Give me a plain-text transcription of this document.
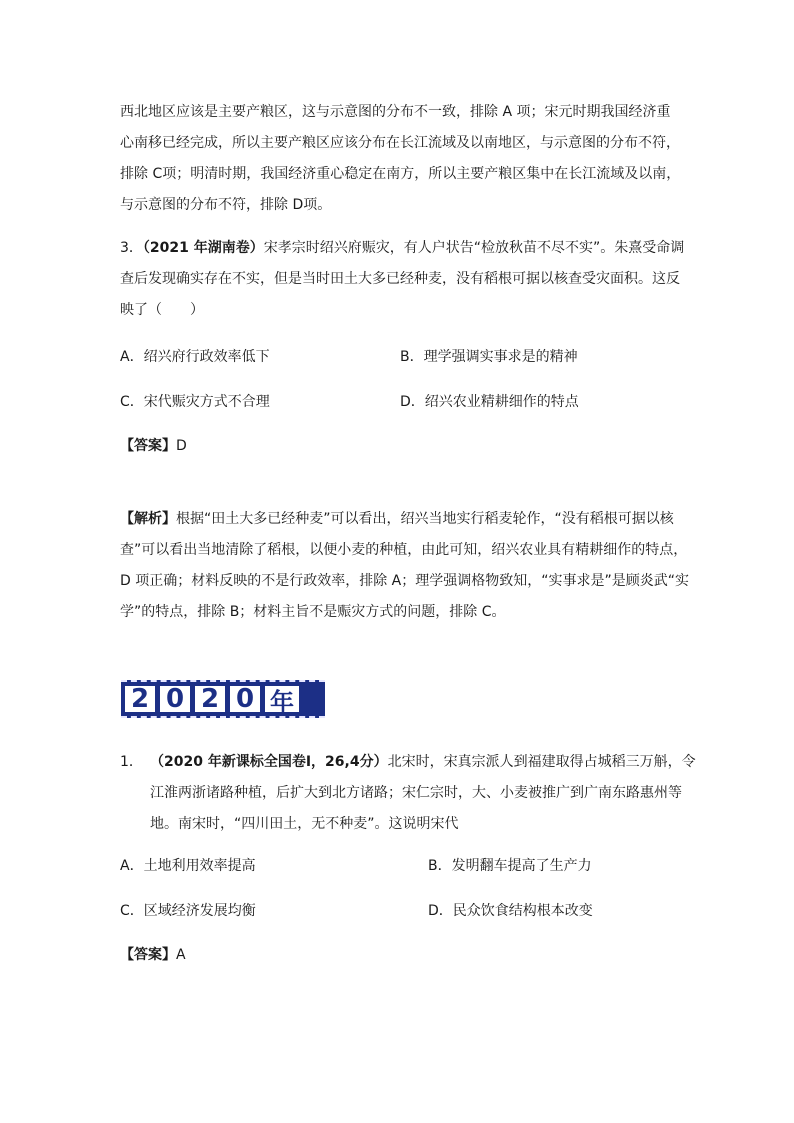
西北地区应该是主要产粮区，这与示意图的分布不一致，排除 A 项；宋元时期我国经济重
心南移已经完成，所以主要产粮区应该分布在长江流域及以南地区，与示意图的分布不符，
排除 C项；明清时期，我国经济重心稳定在南方，所以主要产粮区集中在长江流域及以南，
与示意图的分布不符，排除 D项。
3．（2021 年湖南卷）宋孝宗时绍兴府赈灾，有人户状告“检放秋苗不尽不实”。朱熹受命调
查后发现确实存在不实，但是当时田土大多已经种麦，没有稻根可据以核查受灾面积。这反
映了（　　）
A．绍兴府行政效率低下	B．理学强调实事求是的精神
C．宋代赈灾方式不合理	D．绍兴农业精耕细作的特点
【答案】D
【解析】根据“田土大多已经种麦”可以看出，绍兴当地实行稻麦轮作，“没有稻根可据以核
查”可以看出当地清除了稻根，以便小麦的种植，由此可知，绍兴农业具有精耕细作的特点，
D 项正确；材料反映的不是行政效率，排除 A；理学强调格物致知，“实事求是”是顾炎武“实
学”的特点，排除 B；材料主旨不是赈灾方式的问题，排除 C。
2 0 2 0 年
1． （2020 年新课标全国卷Ⅰ，26,4分）北宋时，宋真宗派人到福建取得占城稻三万斛，令
江淮两浙诸路种植，后扩大到北方诸路；宋仁宗时，大、小麦被推广到广南东路惠州等
地。南宋时，“四川田土，无不种麦”。这说明宋代
A．土地利用效率提高	B．发明翻车提高了生产力
C．区域经济发展均衡	D．民众饮食结构根本改变
【答案】A
